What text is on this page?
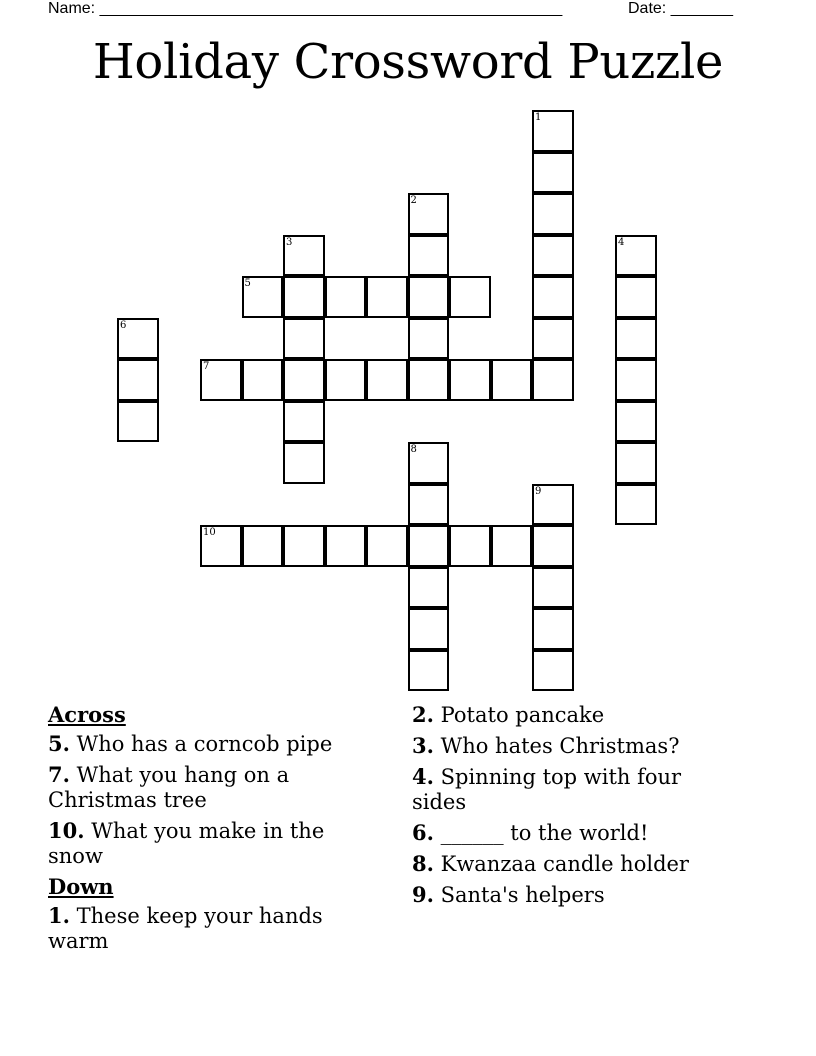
Name: ____________________________________________________	Date: _______
Holiday Crossword Puzzle
1
2
3	4
5
6
7
8
9
10
Across
5. Who has a corncob pipe
7. What you hang on a Christmas tree
10. What you make in the snow
Down
1. These keep your hands warm
2. Potato pancake
3. Who hates Christmas?
4. Spinning top with four sides
6. ______ to the world!
8. Kwanzaa candle holder
9. Santa's helpers
